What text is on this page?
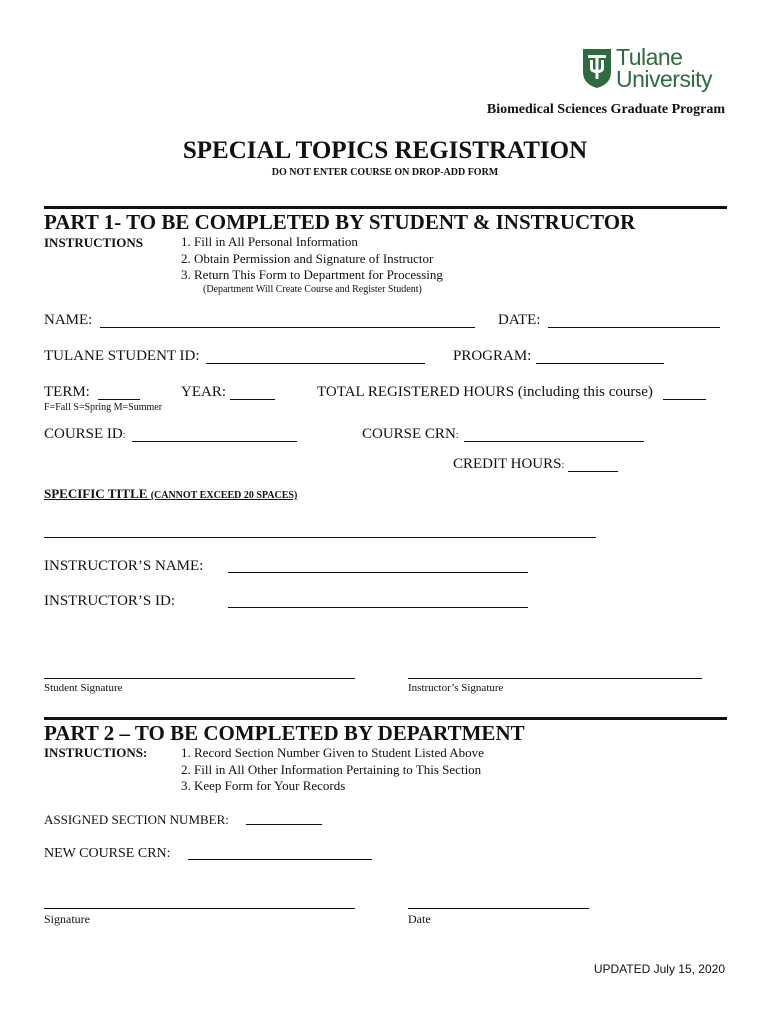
Tulane
University
Biomedical Sciences Graduate Program
SPECIAL TOPICS REGISTRATION
DO NOT ENTER COURSE ON DROP-ADD FORM
PART 1- TO BE COMPLETED BY STUDENT & INSTRUCTOR
INSTRUCTIONS	1. Fill in All Personal Information
2. Obtain Permission and Signature of Instructor
3. Return This Form to Department for Processing
(Department Will Create Course and Register Student)
NAME:	DATE:
TULANE STUDENT ID:	PROGRAM:
TERM:	YEAR:	TOTAL REGISTERED HOURS (including this course)
F=Fall S=Spring M=Summer
COURSE ID:	COURSE CRN:
CREDIT HOURS:
SPECIFIC TITLE (CANNOT EXCEED 20 SPACES)
INSTRUCTOR’S NAME:
INSTRUCTOR’S ID:
Student Signature	Instructor’s Signature
PART 2 – TO BE COMPLETED BY DEPARTMENT
INSTRUCTIONS:	1. Record Section Number Given to Student Listed Above
2. Fill in All Other Information Pertaining to This Section
3. Keep Form for Your Records
ASSIGNED SECTION NUMBER:
NEW COURSE CRN:
Signature	Date
UPDATED July 15, 2020
